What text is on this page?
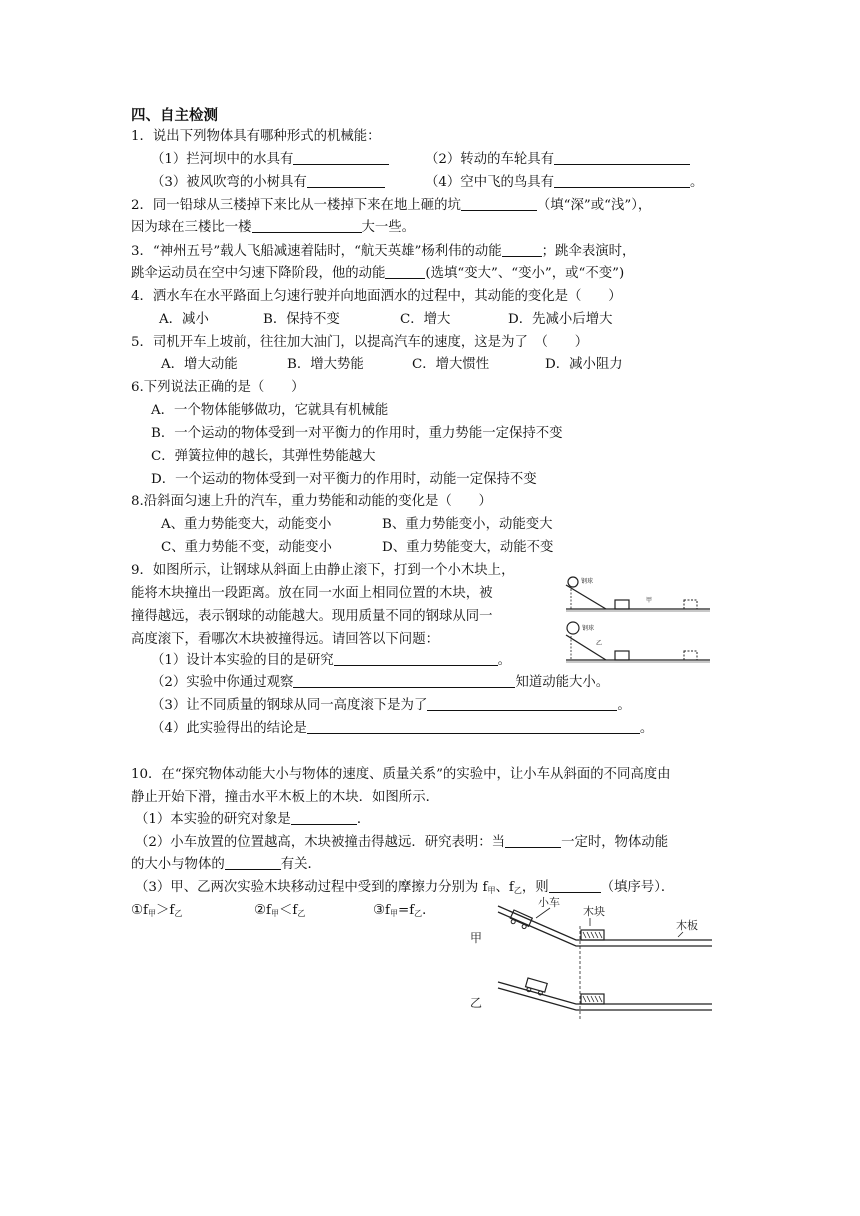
四、自主检测
1．说出下列物体具有哪种形式的机械能：
（1）拦河坝中的水具有	（2）转动的车轮具有
（3）被风吹弯的小树具有	（4）空中飞的鸟具有	。
2．同一铅球从三楼掉下来比从一楼掉下来在地上砸的坑	（填“深”或“浅”），
因为球在三楼比一楼	大一些。
3．“神州五号”载人飞船减速着陆时，“航天英雄”杨利伟的动能	；跳伞表演时，
跳伞运动员在空中匀速下降阶段，他的动能	(选填“变大”、“变小”，或“不变”)
4．洒水车在水平路面上匀速行驶并向地面洒水的过程中，其动能的变化是（　　）
A．减小	B．保持不变	C．增大	D．先减小后增大
5．司机开车上坡前，往往加大油门，以提高汽车的速度，这是为了　（　　）
A．增大动能	B．增大势能	C．增大惯性	D．减小阻力
6.下列说法正确的是（　　）
A．一个物体能够做功，它就具有机械能
B．一个运动的物体受到一对平衡力的作用时，重力势能一定保持不变
C．弹簧拉伸的越长，其弹性势能越大
D．一个运动的物体受到一对平衡力的作用时，动能一定保持不变
8.沿斜面匀速上升的汽车，重力势能和动能的变化是（　　）
A、重力势能变大，动能变小	B、重力势能变小，动能变大
C、重力势能不变，动能变小	D、重力势能变大，动能不变
9．如图所示，让钢球从斜面上由静止滚下，打到一个小木块上，
能将木块撞出一段距离。放在同一水面上相同位置的木块，被
撞得越远，表示钢球的动能越大。现用质量不同的钢球从同一
高度滚下，看哪次木块被撞得远。请回答以下问题：
钢球
甲
钢球
乙
（1）设计本实验的目的是研究	。
（2）实验中你通过观察	知道动能大小。
（3）让不同质量的钢球从同一高度滚下是为了	。
（4）此实验得出的结论是	。
10．在“探究物体动能大小与物体的速度、质量关系”的实验中，让小车从斜面的不同高度由
静止开始下滑，撞击水平木板上的木块．如图所示．
（1）本实验的研究对象是	．
（2）小车放置的位置越高，木块被撞击得越远．研究表明：当	一定时，物体动能
的大小与物体的	有关．
（3）甲、乙两次实验木块移动过程中受到的摩擦力分别为 $f_甲$、$f_乙$，则	（填序号）．
$①f_甲>f_乙$	$②f_甲<f_乙$	$③f_甲=f_乙$．
小车
木块
木板
甲
乙
